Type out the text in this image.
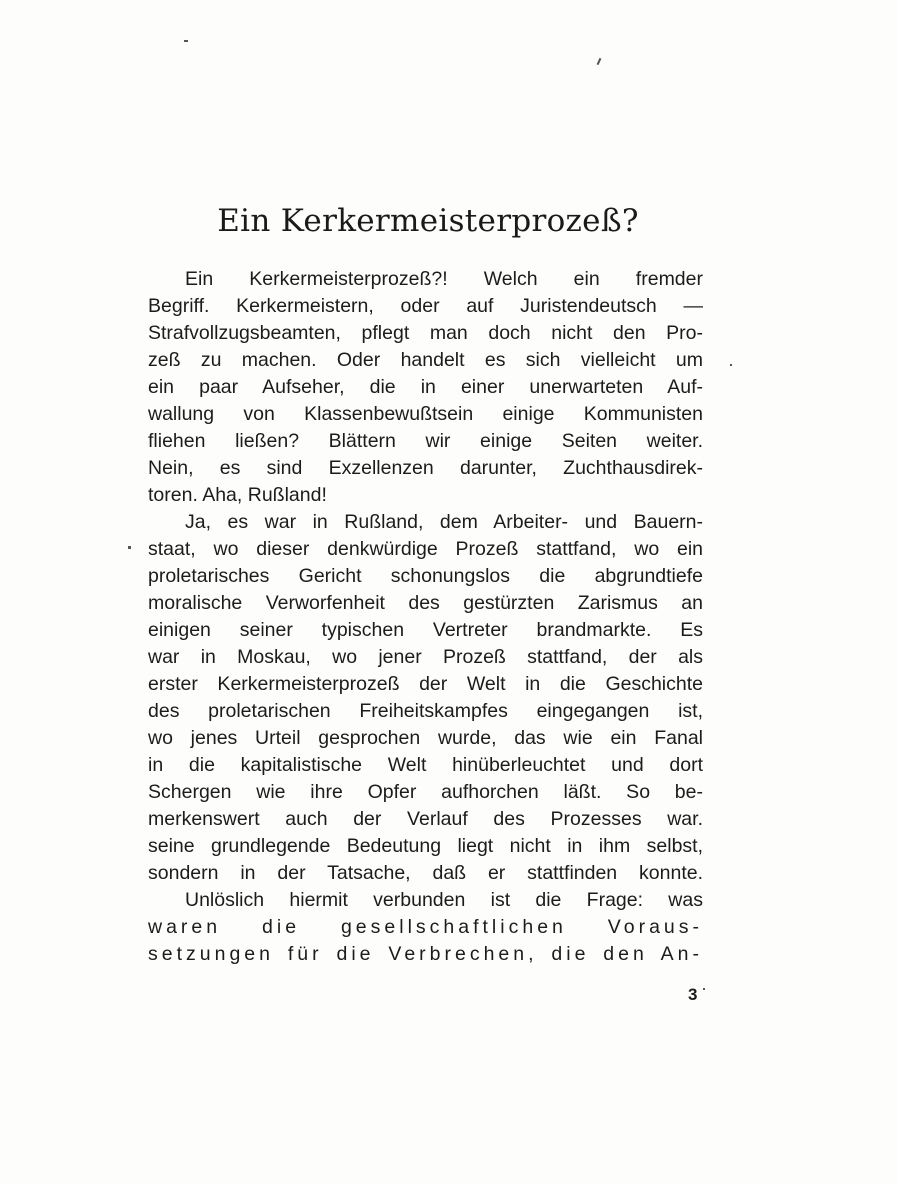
Ein Kerkermeisterprozeß?
Ein Kerkermeisterprozeß?! Welch ein fremder
Begriff. Kerkermeistern, oder auf Juristendeutsch —
Strafvollzugsbeamten, pflegt man doch nicht den Pro-
zeß zu machen. Oder handelt es sich vielleicht um
ein paar Aufseher, die in einer unerwarteten Auf-
wallung von Klassenbewußtsein einige Kommunisten
fliehen ließen? Blättern wir einige Seiten weiter.
Nein, es sind Exzellenzen darunter, Zuchthausdirek-
toren. Aha, Rußland!
Ja, es war in Rußland, dem Arbeiter- und Bauern-
staat, wo dieser denkwürdige Prozeß stattfand, wo ein
proletarisches Gericht schonungslos die abgrundtiefe
moralische Verworfenheit des gestürzten Zarismus an
einigen seiner typischen Vertreter brandmarkte. Es
war in Moskau, wo jener Prozeß stattfand, der als
erster Kerkermeisterprozeß der Welt in die Geschichte
des proletarischen Freiheitskampfes eingegangen ist,
wo jenes Urteil gesprochen wurde, das wie ein Fanal
in die kapitalistische Welt hinüberleuchtet und dort
Schergen wie ihre Opfer aufhorchen läßt. So be-
merkenswert auch der Verlauf des Prozesses war.
seine grundlegende Bedeutung liegt nicht in ihm selbst,
sondern in der Tatsache, daß er stattfinden konnte.
Unlöslich hiermit verbunden ist die Frage: was
waren die gesellschaftlichen Voraus-
setzungen für die Verbrechen, die den An-
3
